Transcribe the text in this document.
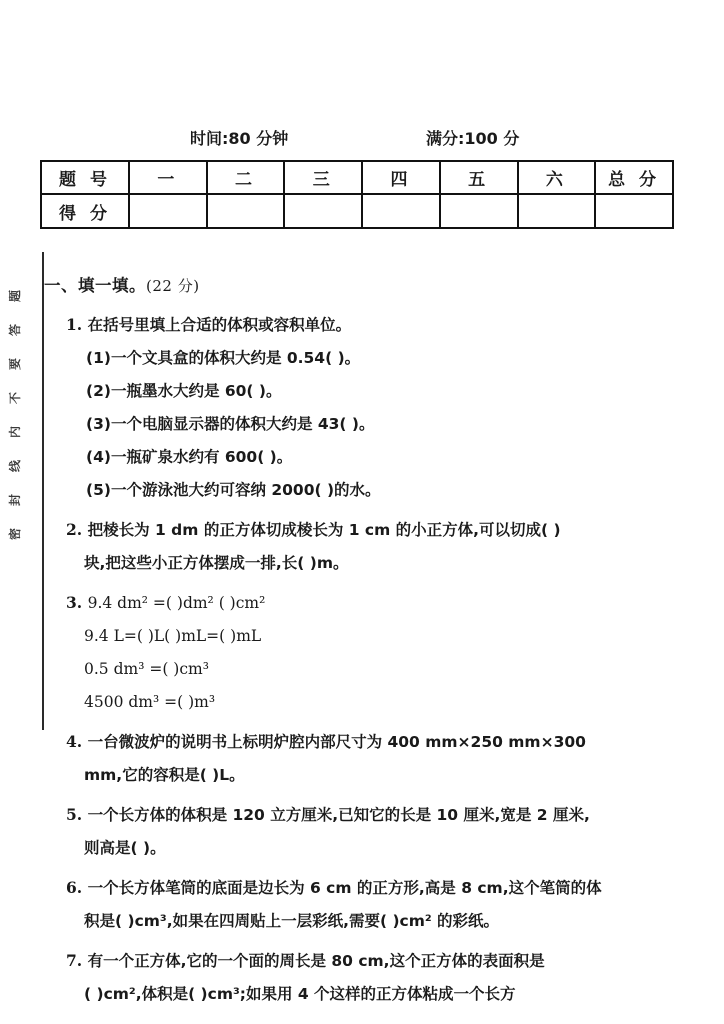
题
答
要
不
内
线
封
密
时间:80 分钟	满分:100 分
题 号	一	二	三	四	五	六	总 分
得 分							
一、填一填。(22 分)
1. 在括号里填上合适的体积或容积单位。
(1)一个文具盒的体积大约是 0.54( )。
(2)一瓶墨水大约是 60( )。
(3)一个电脑显示器的体积大约是 43( )。
(4)一瓶矿泉水约有 600( )。
(5)一个游泳池大约可容纳 2000( )的水。
2. 把棱长为 1 dm 的正方体切成棱长为 1 cm 的小正方体,可以切成( )
块,把这些小正方体摆成一排,长( )m。
3. 9.4 dm² =( )dm² ( )cm²
9.4 L=( )L( )mL=( )mL
0.5 dm³ =( )cm³
4500 dm³ =( )m³
4. 一台微波炉的说明书上标明炉腔内部尺寸为 400 mm×250 mm×300
mm,它的容积是( )L。
5. 一个长方体的体积是 120 立方厘米,已知它的长是 10 厘米,宽是 2 厘米,
则高是( )。
6. 一个长方体笔筒的底面是边长为 6 cm 的正方形,高是 8 cm,这个笔筒的体
积是( )cm³,如果在四周贴上一层彩纸,需要( )cm² 的彩纸。
7. 有一个正方体,它的一个面的周长是 80 cm,这个正方体的表面积是
( )cm²,体积是( )cm³;如果用 4 个这样的正方体粘成一个长方
